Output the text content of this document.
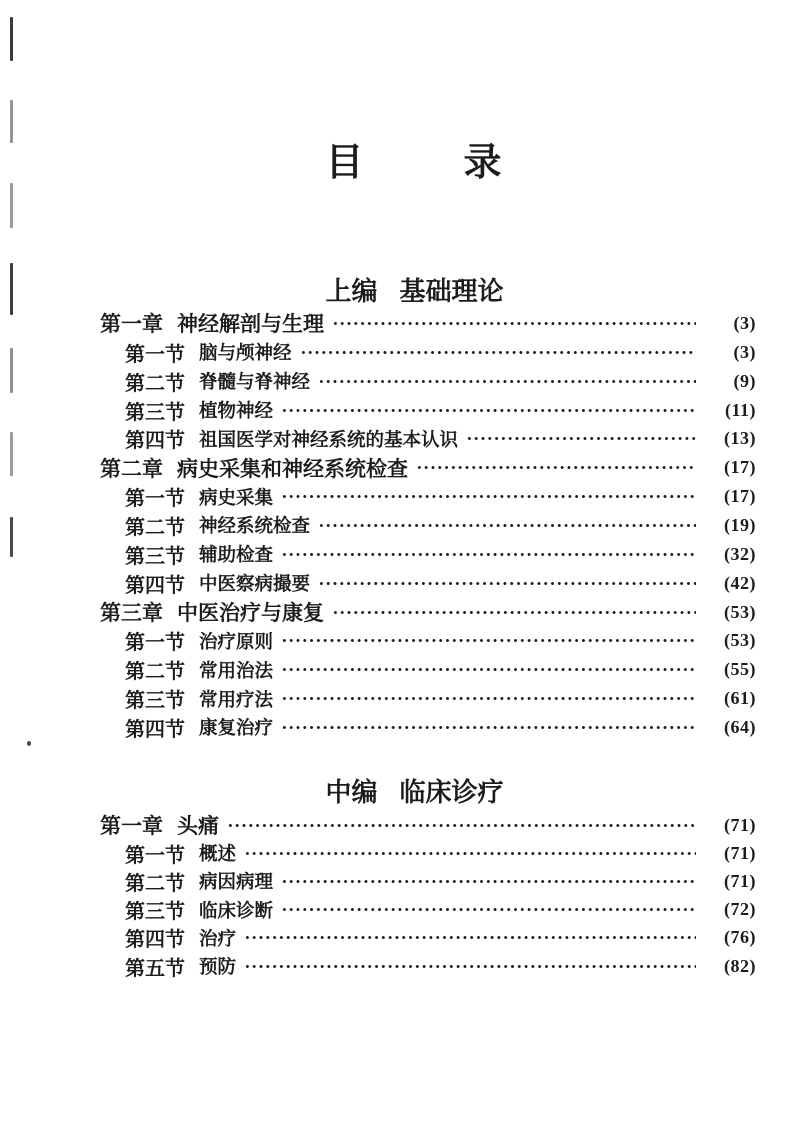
目	录
上编 基础理论
第一章 神经解剖与生理	(3)
第一节 脑与颅神经	(3)
第二节 脊髓与脊神经	(9)
第三节 植物神经	(11)
第四节 祖国医学对神经系统的基本认识	(13)
第二章 病史采集和神经系统检查	(17)
第一节 病史采集	(17)
第二节 神经系统检查	(19)
第三节 辅助检查	(32)
第四节 中医察病撮要	(42)
第三章 中医治疗与康复	(53)
第一节 治疗原则	(53)
第二节 常用治法	(55)
第三节 常用疗法	(61)
第四节 康复治疗	(64)
中编 临床诊疗
第一章 头痛	(71)
第一节 概述	(71)
第二节 病因病理	(71)
第三节 临床诊断	(72)
第四节 治疗	(76)
第五节 预防	(82)
